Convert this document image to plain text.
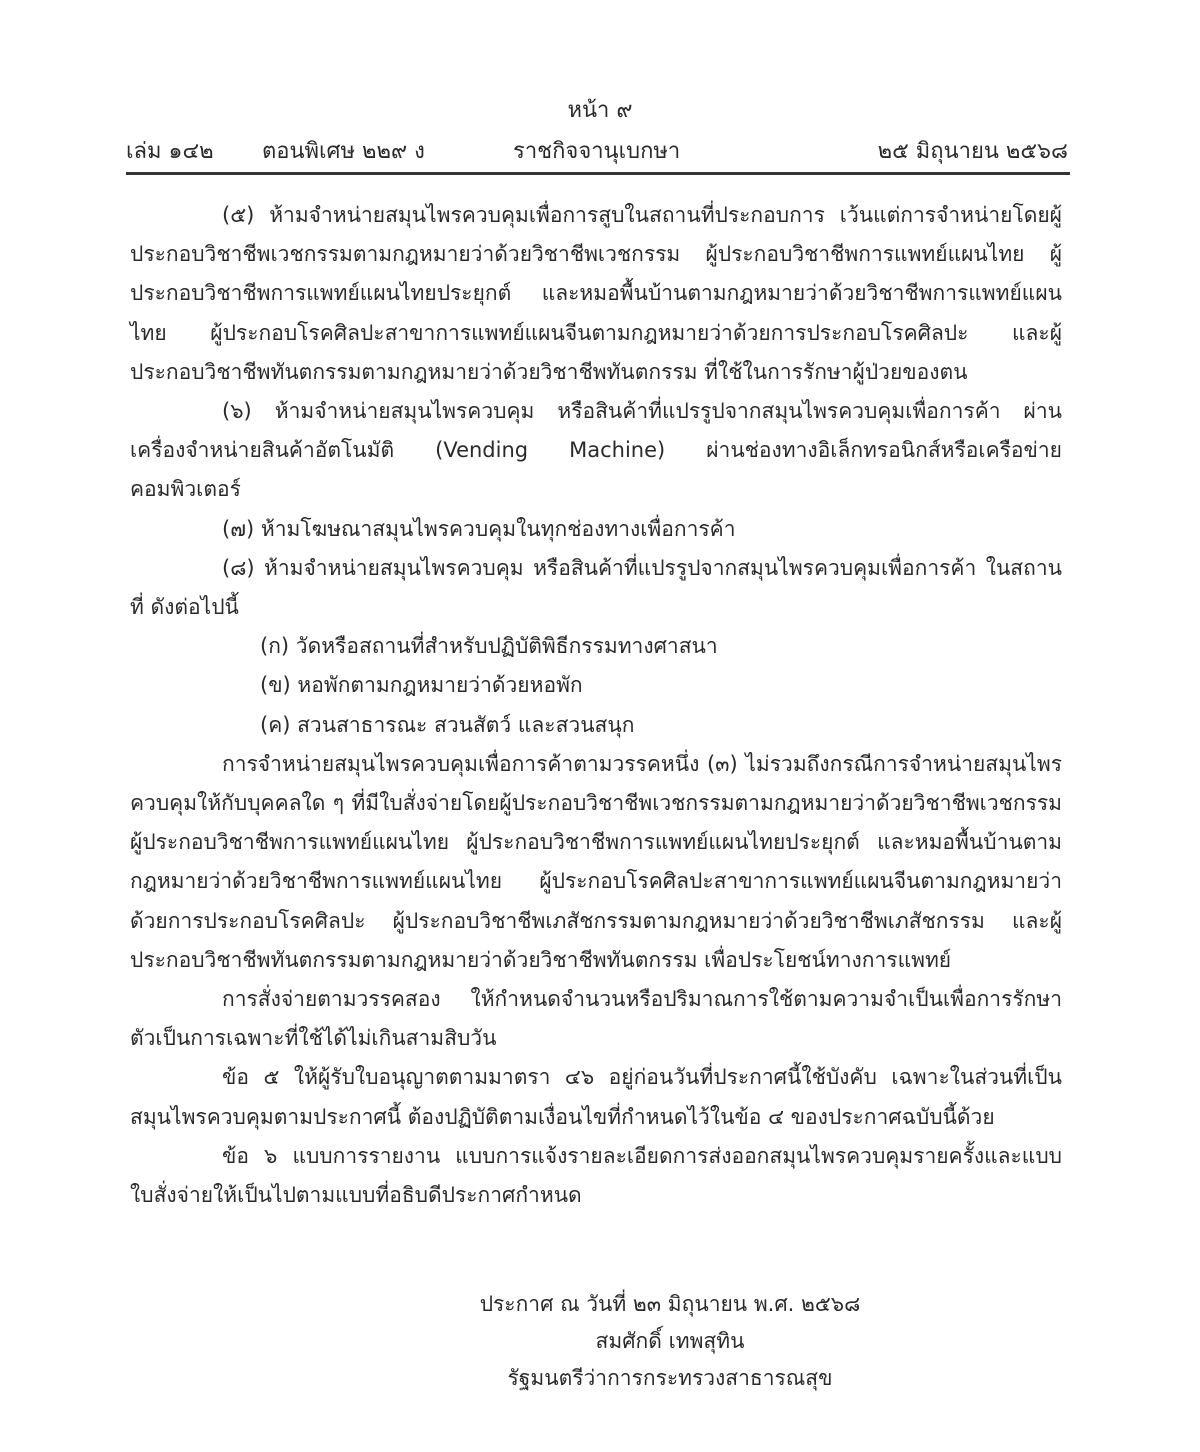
หน้า ๙
เล่ม ๑๔๒ ตอนพิเศษ ๒๒๙ ง	ราชกิจจานุเบกษา	๒๕ มิถุนายน ๒๕๖๘

(๕) ห้ามจำหน่ายสมุนไพรควบคุมเพื่อการสูบในสถานที่ประกอบการ เว้นแต่การจำหน่ายโดยผู้ประกอบวิชาชีพเวชกรรมตามกฎหมายว่าด้วยวิชาชีพเวชกรรม ผู้ประกอบวิชาชีพการแพทย์แผนไทย ผู้ประกอบวิชาชีพการแพทย์แผนไทยประยุกต์ และหมอพื้นบ้านตามกฎหมายว่าด้วยวิชาชีพการแพทย์แผนไทย ผู้ประกอบโรคศิลปะสาขาการแพทย์แผนจีนตามกฎหมายว่าด้วยการประกอบโรคศิลปะ และผู้ประกอบวิชาชีพทันตกรรมตามกฎหมายว่าด้วยวิชาชีพทันตกรรม ที่ใช้ในการรักษาผู้ป่วยของตน

(๖) ห้ามจำหน่ายสมุนไพรควบคุม หรือสินค้าที่แปรรูปจากสมุนไพรควบคุมเพื่อการค้า ผ่านเครื่องจำหน่ายสินค้าอัตโนมัติ (Vending Machine) ผ่านช่องทางอิเล็กทรอนิกส์หรือเครือข่ายคอมพิวเตอร์

(๗) ห้ามโฆษณาสมุนไพรควบคุมในทุกช่องทางเพื่อการค้า

(๘) ห้ามจำหน่ายสมุนไพรควบคุม หรือสินค้าที่แปรรูปจากสมุนไพรควบคุมเพื่อการค้า ในสถานที่ ดังต่อไปนี้

(ก) วัดหรือสถานที่สำหรับปฏิบัติพิธีกรรมทางศาสนา

(ข) หอพักตามกฎหมายว่าด้วยหอพัก

(ค) สวนสาธารณะ สวนสัตว์ และสวนสนุก

การจำหน่ายสมุนไพรควบคุมเพื่อการค้าตามวรรคหนึ่ง (๓) ไม่รวมถึงกรณีการจำหน่ายสมุนไพรควบคุมให้กับบุคคลใด ๆ ที่มีใบสั่งจ่ายโดยผู้ประกอบวิชาชีพเวชกรรมตามกฎหมายว่าด้วยวิชาชีพเวชกรรม ผู้ประกอบวิชาชีพการแพทย์แผนไทย ผู้ประกอบวิชาชีพการแพทย์แผนไทยประยุกต์ และหมอพื้นบ้านตามกฎหมายว่าด้วยวิชาชีพการแพทย์แผนไทย ผู้ประกอบโรคศิลปะสาขาการแพทย์แผนจีนตามกฎหมายว่าด้วยการประกอบโรคศิลปะ ผู้ประกอบวิชาชีพเภสัชกรรมตามกฎหมายว่าด้วยวิชาชีพเภสัชกรรม และผู้ประกอบวิชาชีพทันตกรรมตามกฎหมายว่าด้วยวิชาชีพทันตกรรม เพื่อประโยชน์ทางการแพทย์

การสั่งจ่ายตามวรรคสอง ให้กำหนดจำนวนหรือปริมาณการใช้ตามความจำเป็นเพื่อการรักษาตัวเป็นการเฉพาะที่ใช้ได้ไม่เกินสามสิบวัน

ข้อ ๕ ให้ผู้รับใบอนุญาตตามมาตรา ๔๖ อยู่ก่อนวันที่ประกาศนี้ใช้บังคับ เฉพาะในส่วนที่เป็นสมุนไพรควบคุมตามประกาศนี้ ต้องปฏิบัติตามเงื่อนไขที่กำหนดไว้ในข้อ ๔ ของประกาศฉบับนี้ด้วย

ข้อ ๖ แบบการรายงาน แบบการแจ้งรายละเอียดการส่งออกสมุนไพรควบคุมรายครั้งและแบบใบสั่งจ่ายให้เป็นไปตามแบบที่อธิบดีประกาศกำหนด

ประกาศ ณ วันที่ ๒๓ มิถุนายน พ.ศ. ๒๕๖๘
สมศักดิ์ เทพสุทิน
รัฐมนตรีว่าการกระทรวงสาธารณสุข
